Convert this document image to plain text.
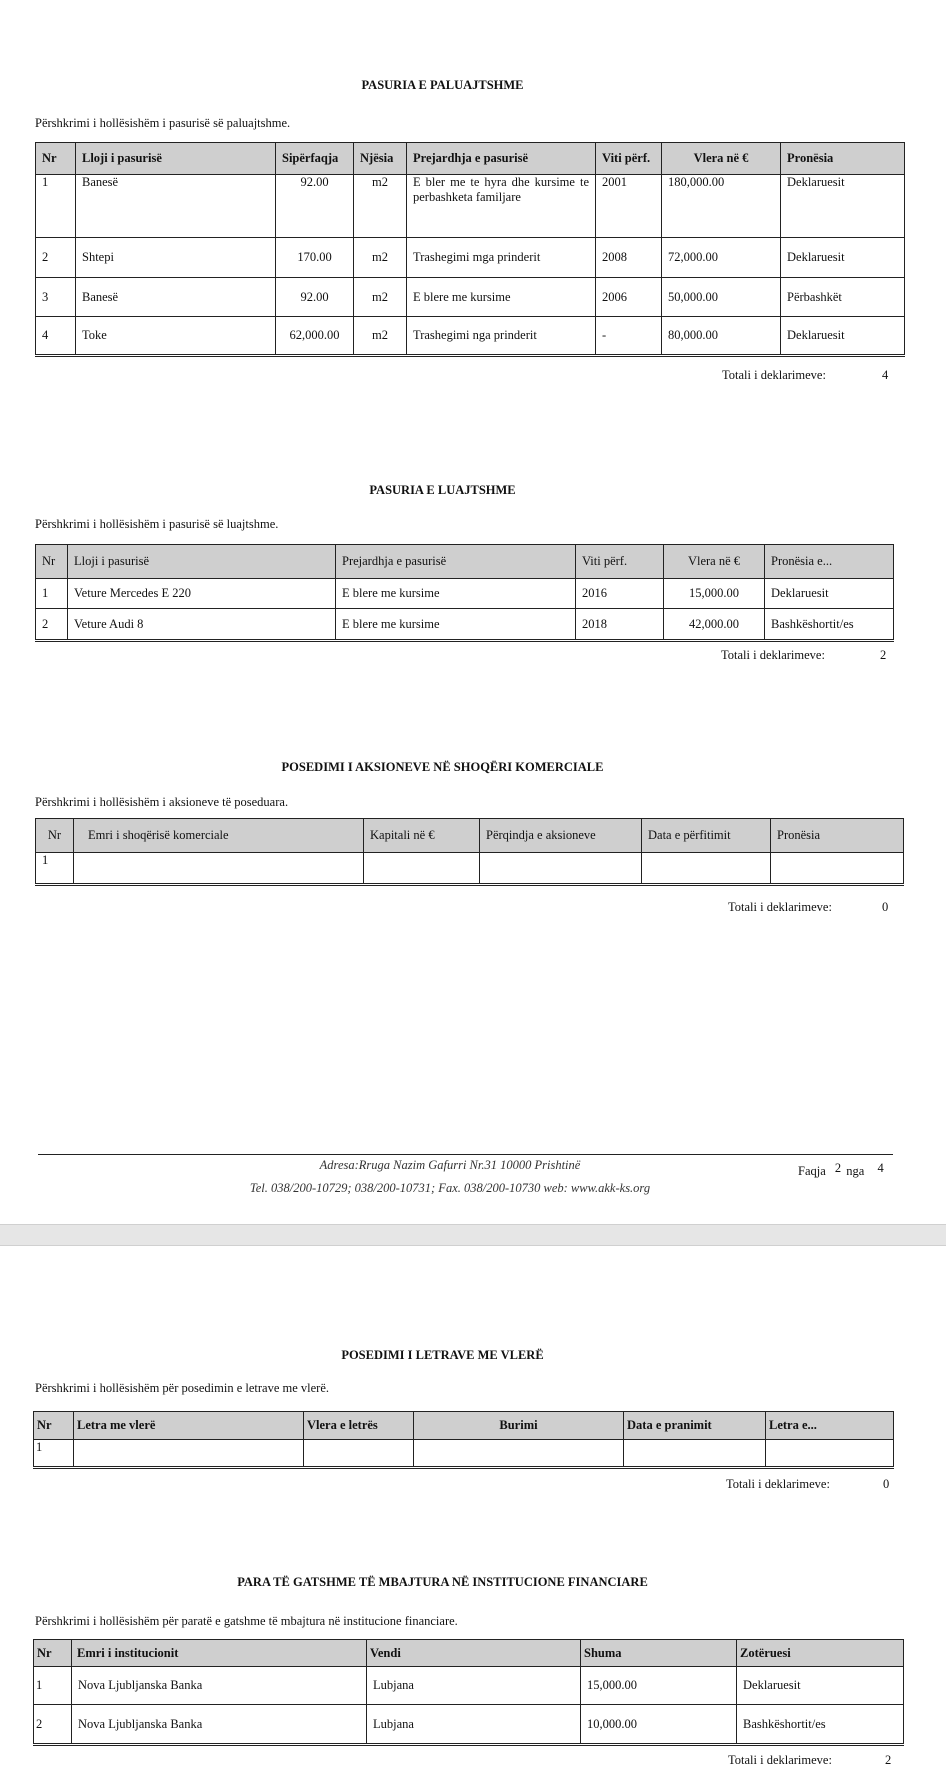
PASURIA E PALUAJTSHME
Përshkrimi i hollësishëm i pasurisë së paluajtshme.
Nr	Lloji i pasurisë	Sipërfaqja	Njësia	Prejardhja e pasurisë	Viti përf.	Vlera në €	Pronësia
1	Banesë	92.00	m2	E bler me te hyra dhe kursime te perbashketa familjare	2001	180,000.00	Deklaruesit
2	Shtepi	170.00	m2	Trashegimi mga prinderit	2008	72,000.00	Deklaruesit
3	Banesë	92.00	m2	E blere me kursime	2006	50,000.00	Përbashkët
4	Toke	62,000.00	m2	Trashegimi nga prinderit	-	80,000.00	Deklaruesit
Totali i deklarimeve:	4
PASURIA E LUAJTSHME
Përshkrimi i hollësishëm i pasurisë së luajtshme.
Nr	Lloji i pasurisë	Prejardhja e pasurisë	Viti përf.	Vlera në €	Pronësia e...
1	Veture Mercedes E 220	E blere me kursime	2016	15,000.00	Deklaruesit
2	Veture Audi 8	E blere me kursime	2018	42,000.00	Bashkëshortit/es
Totali i deklarimeve:	2
POSEDIMI I AKSIONEVE NË SHOQËRI KOMERCIALE
Përshkrimi i hollësishëm i aksioneve të poseduara.
Nr	Emri i shoqërisë komerciale	Kapitali në €	Përqindja e aksioneve	Data e përfitimit	Pronësia
1					
Totali i deklarimeve:	0
Adresa:Rruga Nazim Gafurri Nr.31 10000 Prishtinë
Tel. 038/200-10729; 038/200-10731; Fax. 038/200-10730 web: www.akk-ks.org
Faqja 2 nga 4
POSEDIMI I LETRAVE ME VLERË
Përshkrimi i hollësishëm për posedimin e letrave me vlerë.
Nr	Letra me vlerë	Vlera e letrës	Burimi	Data e pranimit	Letra e...
1					
Totali i deklarimeve:	0
PARA TË GATSHME TË MBAJTURA NË INSTITUCIONE FINANCIARE
Përshkrimi i hollësishëm për paratë e gatshme të mbajtura në institucione financiare.
Nr	Emri i institucionit	Vendi	Shuma	Zotëruesi
1	Nova Ljubljanska Banka	Lubjana	15,000.00	Deklaruesit
2	Nova Ljubljanska Banka	Lubjana	10,000.00	Bashkëshortit/es
Totali i deklarimeve:	2
